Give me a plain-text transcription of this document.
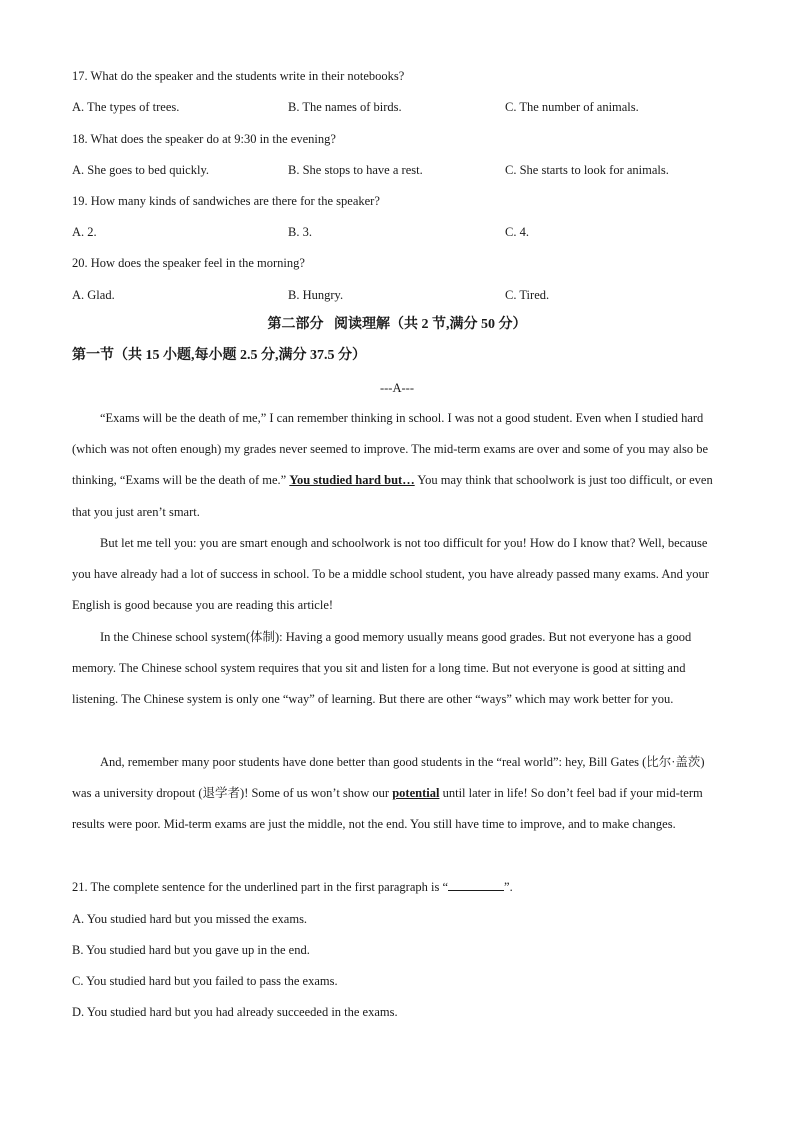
17. What do the speaker and the students write in their notebooks?
A. The types of trees.	B. The names of birds.	C. The number of animals.
18. What does the speaker do at 9:30 in the evening?
A. She goes to bed quickly.	B. She stops to have a rest.	C. She starts to look for animals.
19. How many kinds of sandwiches are there for the speaker?
A. 2.	B. 3.	C. 4.
20. How does the speaker feel in the morning?
A. Glad.	B. Hungry.	C. Tired.
第二部分   阅读理解（共 2 节,满分 50 分）
第一节（共 15 小题,每小题 2.5 分,满分 37.5 分）
---A---
“Exams will be the death of me,” I can remember thinking in school. I was not a good student. Even when I studied hard (which was not often enough) my grades never seemed to improve. The mid-term exams are over and some of you may also be thinking, “Exams will be the death of me.” You studied hard but… You may think that schoolwork is just too difficult, or even that you just aren’t smart.
But let me tell you: you are smart enough and schoolwork is not too difficult for you! How do I know that? Well, because you have already had a lot of success in school. To be a middle school student, you have already passed many exams. And your English is good because you are reading this article!
In the Chinese school system(体制): Having a good memory usually means good grades. But not everyone has a good memory. The Chinese school system requires that you sit and listen for a long time. But not everyone is good at sitting and listening. The Chinese system is only one “way” of learning. But there are other “ways” which may work better for you.
And, remember many poor students have done better than good students in the “real world”: hey, Bill Gates (比尔·盖茨) was a university dropout (退学者)! Some of us won’t show our potential until later in life! So don’t feel bad if your mid-term results were poor. Mid-term exams are just the middle, not the end. You still have time to improve, and to make changes.
21. The complete sentence for the underlined part in the first paragraph is “	”.
A. You studied hard but you missed the exams.
B. You studied hard but you gave up in the end.
C. You studied hard but you failed to pass the exams.
D. You studied hard but you had already succeeded in the exams.
